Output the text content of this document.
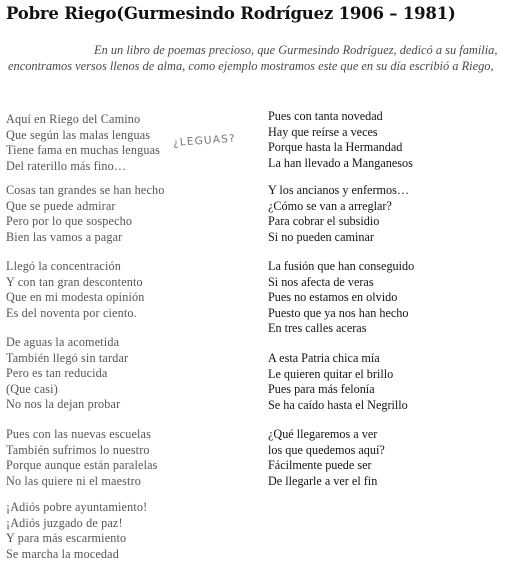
Pobre Riego(Gurmesindo Rodríguez 1906 – 1981)
En un libro de poemas precioso, que Gurmesindo Rodríguez, dedicó a su familia, encontramos versos llenos de alma, como ejemplo mostramos este que en su día escribió a Riego,
Aquí en Riego del Camino
Que según las malas lenguas
Tiene fama en muchas lenguas
Del raterillo más fino…
¿LEGUAS?
Cosas tan grandes se han hecho
Que se puede admirar
Pero por lo que sospecho
Bien las vamos a pagar
Llegó la concentración
Y con tan gran descontento
Que en mi modesta opinión
Es del noventa por ciento.
De aguas la acometida
También llegó sin tardar
Pero es tan reducida
(Que casi)
No nos la dejan probar
Pues con las nuevas escuelas
También sufrimos lo nuestro
Porque aunque están paralelas
No las quiere ni el maestro
¡Adiós pobre ayuntamiento!
¡Adiós juzgado de paz!
Y para más escarmiento
Se marcha la mocedad
Pues con tanta novedad
Hay que reírse a veces
Porque hasta la Hermandad
La han llevado a Manganesos
Y los ancianos y enfermos…
¿Cómo se van a arreglar?
Para cobrar el subsidio
Si no pueden caminar
La fusión que han conseguido
Si nos afecta de veras
Pues no estamos en olvido
Puesto que ya nos han hecho
En tres calles aceras
A esta Patria chica mía
Le quieren quitar el brillo
Pues para más felonía
Se ha caído hasta el Negrillo
¿Qué llegaremos a ver
los que quedemos aquí?
Fácilmente puede ser
De llegarle a ver el fin
